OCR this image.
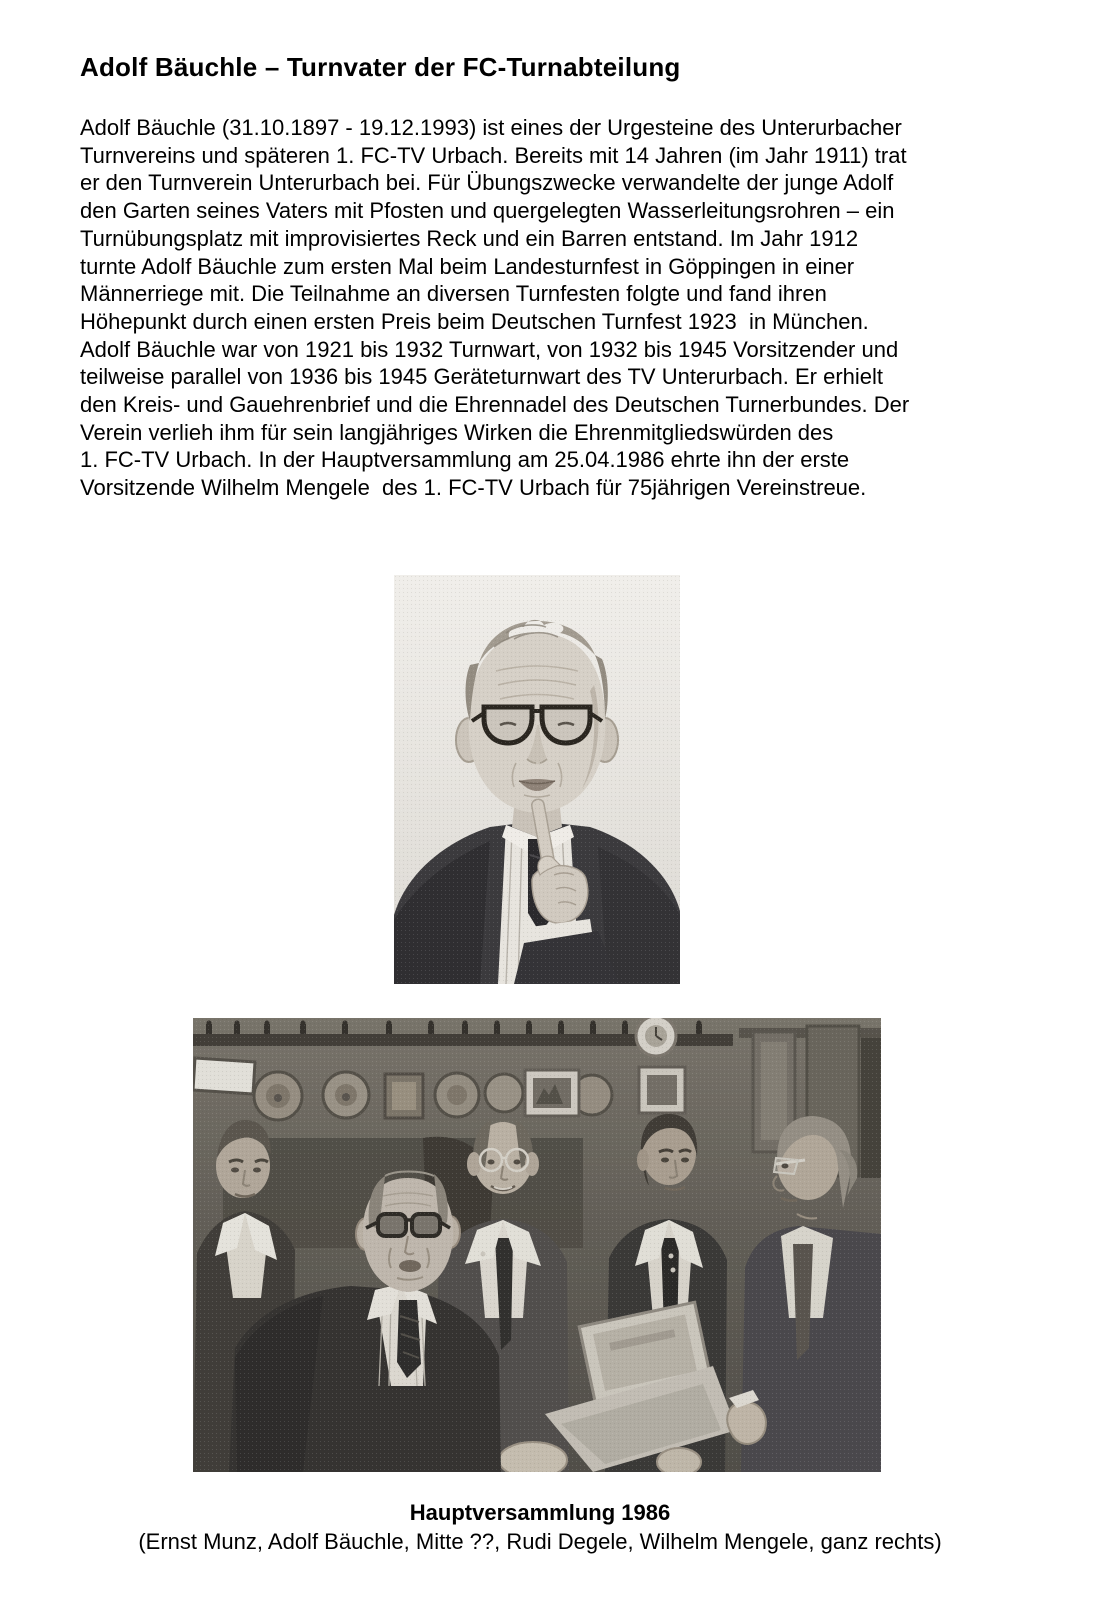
Adolf Bäuchle – Turnvater der FC-Turnabteilung
Adolf Bäuchle (31.10.1897 - 19.12.1993) ist eines der Urgesteine des Unterurbacher
Turnvereins und späteren 1. FC-TV Urbach. Bereits mit 14 Jahren (im Jahr 1911) trat
er den Turnverein Unterurbach bei. Für Übungszwecke verwandelte der junge Adolf
den Garten seines Vaters mit Pfosten und quergelegten Wasserleitungsrohren – ein
Turnübungsplatz mit improvisiertes Reck und ein Barren entstand. Im Jahr 1912
turnte Adolf Bäuchle zum ersten Mal beim Landesturnfest in Göppingen in einer
Männerriege mit. Die Teilnahme an diversen Turnfesten folgte und fand ihren
Höhepunkt durch einen ersten Preis beim Deutschen Turnfest 1923  in München.
Adolf Bäuchle war von 1921 bis 1932 Turnwart, von 1932 bis 1945 Vorsitzender und
teilweise parallel von 1936 bis 1945 Geräteturnwart des TV Unterurbach. Er erhielt
den Kreis- und Gauehrenbrief und die Ehrennadel des Deutschen Turnerbundes. Der
Verein verlieh ihm für sein langjähriges Wirken die Ehrenmitgliedswürden des
1. FC-TV Urbach. In der Hauptversammlung am 25.04.1986 ehrte ihn der erste
Vorsitzende Wilhelm Mengele  des 1. FC-TV Urbach für 75jährigen Vereinstreue.
Hauptversammlung 1986
(Ernst Munz, Adolf Bäuchle, Mitte ??, Rudi Degele, Wilhelm Mengele, ganz rechts)
